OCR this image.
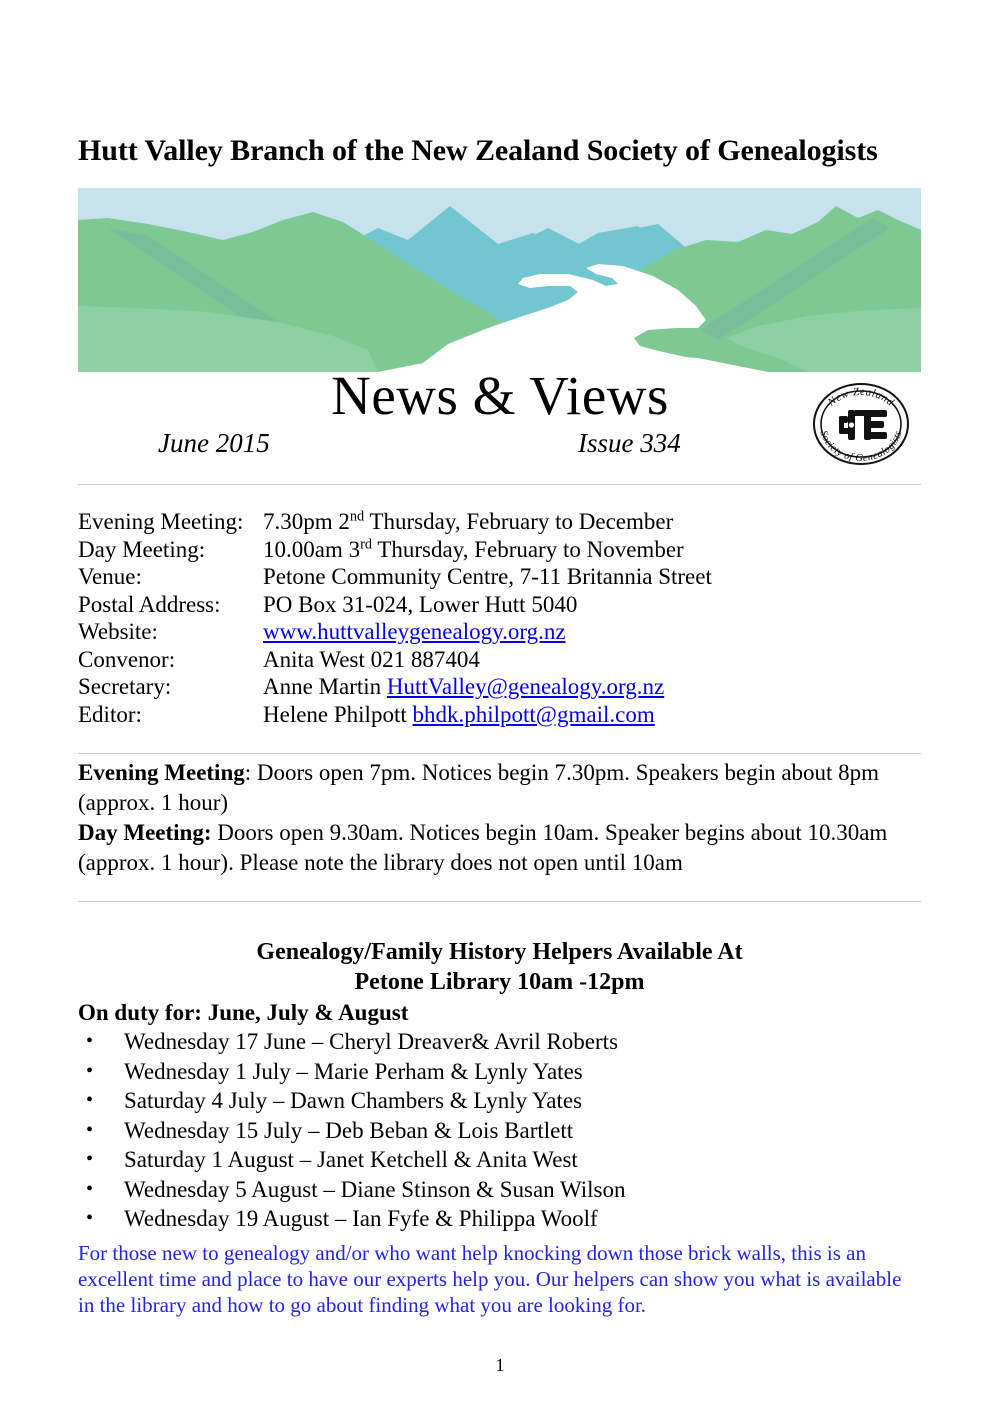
Hutt Valley Branch of the New Zealand Society of Genealogists
News & Views
June 2015	Issue 334
New Zealand
Society of Genealogists
Evening Meeting: 7.30pm 2nd Thursday, February to December
Day Meeting:	10.00am 3rd Thursday, February to November
Venue:	Petone Community Centre, 7-11 Britannia Street
Postal Address: PO Box 31-024, Lower Hutt 5040
Website:	www.huttvalleygenealogy.org.nz
Convenor:	Anita West 021 887404
Secretary:	Anne Martin HuttValley@genealogy.org.nz
Editor:	Helene Philpott bhdk.philpott@gmail.com
Evening Meeting: Doors open 7pm. Notices begin 7.30pm. Speakers begin about 8pm (approx. 1 hour)
Day Meeting: Doors open 9.30am. Notices begin 10am. Speaker begins about 10.30am (approx. 1 hour). Please note the library does not open until 10am
Genealogy/Family History Helpers Available At
Petone Library 10am -12pm
On duty for: June, July & August
• Wednesday 17 June – Cheryl Dreaver& Avril Roberts
• Wednesday 1 July – Marie Perham & Lynly Yates
• Saturday 4 July – Dawn Chambers & Lynly Yates
• Wednesday 15 July – Deb Beban & Lois Bartlett
• Saturday 1 August – Janet Ketchell & Anita West
• Wednesday 5 August – Diane Stinson & Susan Wilson
• Wednesday 19 August – Ian Fyfe & Philippa Woolf
For those new to genealogy and/or who want help knocking down those brick walls, this is an excellent time and place to have our experts help you. Our helpers can show you what is available in the library and how to go about finding what you are looking for.
1
